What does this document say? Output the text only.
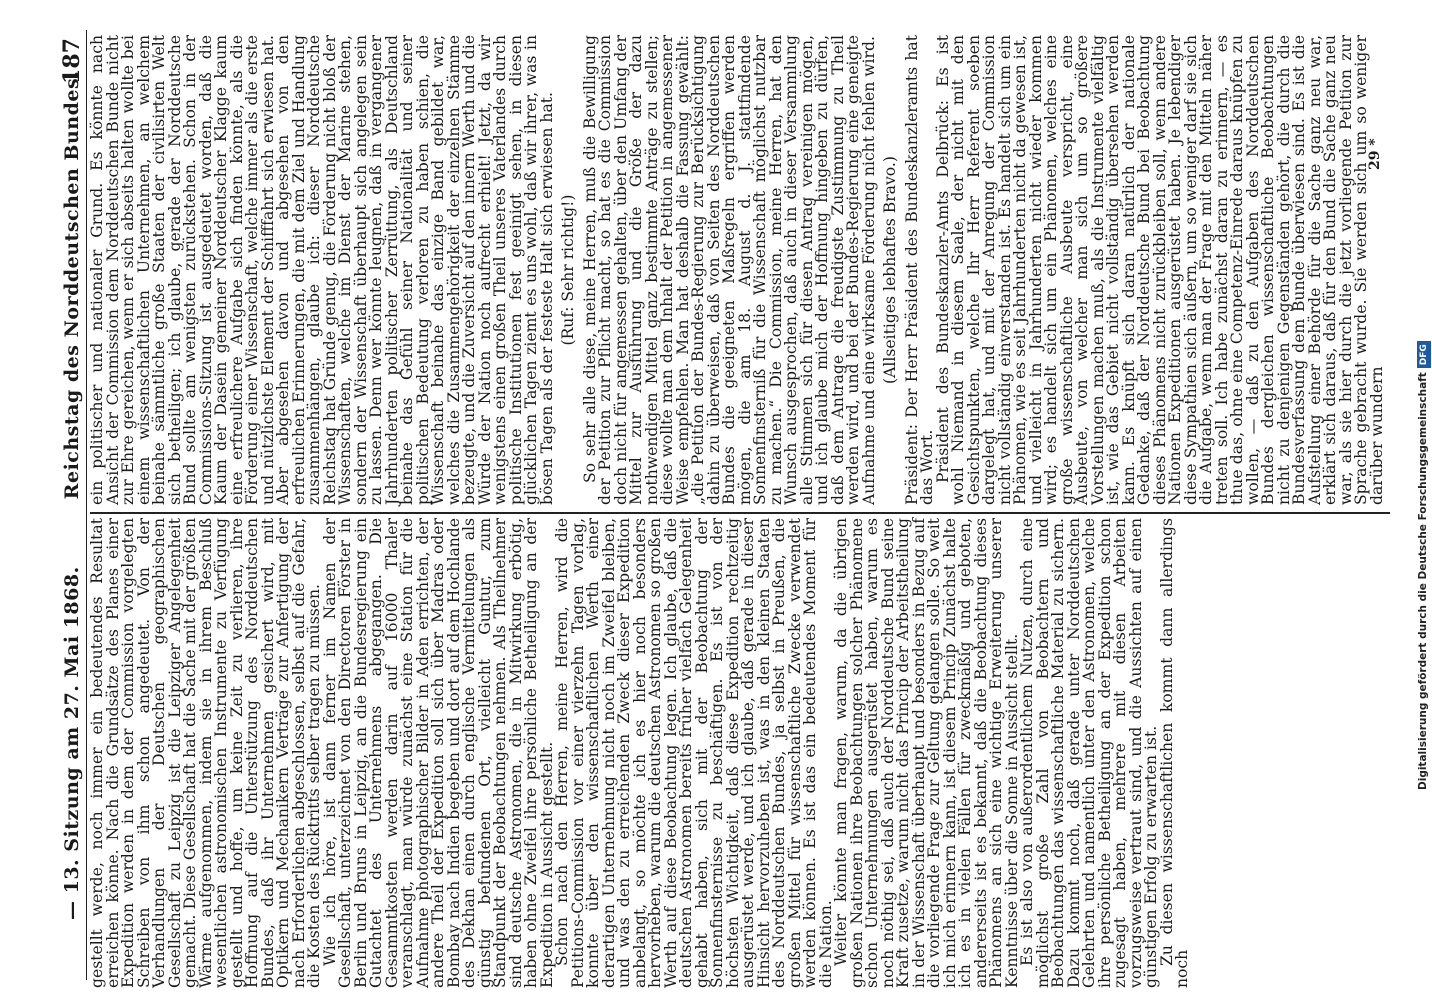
Reichstag des Norddeutschen Bundes.
— 13. Sitzung am 27. Mai 1868.
187

gestellt werde, noch immer ein bedeutendes Resultat erreichen könne. Nach die Grundsätze des Planes einer Expedition werden in dem der Commission vorgelegten Schreiben von ihm schon angedeutet. Von der Verhandlungen der Deutschen geographischen Gesellschaft zu Leipzig ist die Leipziger Angelegenheit gemacht. Diese Gesellschaft hat die Sache mit der größten Wärme aufgenommen, indem sie in ihrem Beschluß wesentlichen astronomischen Instrumente zu Verfügung gestellt und hoffe, um keine Zeit zu verlieren, ihre Hoffnung auf die Unterstützung des Norddeutschen Bundes, daß ihr Unternehmen gesichert wird, mit Optikern und Mechanikern Verträge zur Anfertigung der nach Erforderlichen abgeschlossen, selbst auf die Gefahr, die Kosten des Rücktritts selber tragen zu müssen.

Wie ich höre, ist dann ferner im Namen der Gesellschaft, unterzeichnet von den Directoren Förster in Berlin und Bruns in Leipzig, an die Bundesregierung ein Gutachtet des Unternehmens abgegangen. Die Gesammtkosten werden darin auf 16000 Thaler veranschlagt, man würde zunächst eine Station für die Aufnahme photographischer Bilder in Aden errichten, der andere Theil der Expedition soll sich über Madras oder Bombay nach Indien begeben und dort auf dem Hochlande des Dekhan einen durch englische Vermittelungen als günstig befundenen Ort, vielleicht Guntur, zum Standpunkt der Beobachtungen nehmen. Als Theilnehmer sind deutsche Astronomen, die in Mitwirkung erbötig, haben ohne Zweifel ihre persönliche Betheiligung an der Expedition in Aussicht gestellt.

Schon nach den Herren, meine Herren, wird die Petitions-Commission vor einer vierzehn Tagen vorlag, konnte über den wissenschaftlichen Werth einer derartigen Unternehmung nicht noch im Zweifel bleiben, und was den zu erreichenden Zweck dieser Expedition anbelangt, so möchte ich es hier noch besonders hervorheben, warum die deutschen Astronomen so großen Werth auf diese Beobachtung legen. Ich glaube, daß die deutschen Astronomen bereits früher vielfach Gelegenheit gehabt haben, sich mit der Beobachtung der Sonnenfinsternisse zu beschäftigen. Es ist von der höchsten Wichtigkeit, daß diese Expedition rechtzeitig ausgerüstet werde, und ich glaube, daß gerade in dieser Hinsicht hervorzuheben ist, was in den kleinen Staaten des Norddeutschen Bundes, ja selbst in Preußen, die großen Mittel für wissenschaftliche Zwecke verwendet werden können. Es ist das ein bedeutendes Moment für die Nation.

Weiter könnte man fragen, warum, da die übrigen großen Nationen ihre Beobachtungen solcher Phänomene schon Unternehmungen ausgerüstet haben, warum es noch nöthig sei, daß auch der Norddeutsche Bund seine Kraft zusetze, warum nicht das Princip der Arbeitstheilung in der Wissenschaft überhaupt und besonders in Bezug auf die vorliegende Frage zur Geltung gelangen solle. So weit ich mich erinnern kann, ist diesem Princip Zunächst halte ich es in vielen Fällen für zweckmäßig und geboten, andererseits ist es bekannt, daß die Beobachtung dieses Phänomens an sich eine wichtige Erweiterung unserer Kenntnisse über die Sonne in Aussicht stellt.

Es ist also von außerordentlichem Nutzen, durch eine möglichst große Zahl von Beobachtern und Beobachtungen das wissenschaftliche Material zu sichern. Dazu kommt noch, daß gerade unter Norddeutschen Gelehrten und namentlich unter den Astronomen, welche ihre persönliche Betheiligung an der Expedition schon zugesagt haben, mehrere mit diesen Arbeiten vorzugsweise vertraut sind, und die Aussichten auf einen günstigen Erfolg zu erwarten ist.

Zu diesen wissenschaftlichen kommt dann allerdings noch

ein politischer und nationaler Grund. Es könnte nach Ansicht der Commission dem Norddeutschen Bunde nicht zur Ehre gereichen, wenn er sich abseits halten wollte bei einem wissenschaftlichen Unternehmen, an welchem beinahe sämmtliche große Staaten der civilisirten Welt sich betheiligen; ich glaube, gerade der Norddeutsche Bund sollte am wenigsten zurückstehen. Schon in der Commissions-Sitzung ist ausgedeutet worden, daß die Kaum der Dasein gemeiner Norddeutscher Klagge kaum eine erfreulichere Aufgabe sich finden könnte, als die Förderung einer Wissenschaft, welche immer als die erste und nützlichste Element der Schifffahrt sich erwiesen hat. Aber abgesehen davon und abgesehen von den erfreulichen Erinnerungen, die mit dem Ziel und Handlung zusammenhängen, glaube ich: dieser Norddeutsche Reichstag hat Gründe genug, die Förderung nicht bloß der Wissenschaften, welche im Dienst der Marine stehen, sondern der Wissenschaft überhaupt sich angelegen sein zu lassen. Denn wer könnte leugnen, daß in vergangener Jahrhunderten politischer Zerrüttung, als Deutschland beinahe das Gefühl seiner Nationalität und seiner politischen Bedeutung verloren zu haben schien, die Wissenschaft beinahe das einzige Band gebildet war, welches die Zusammengehörigkeit der einzelnen Stämme bezeugte, und die Zuversicht auf den innern Werth und die Würde der Nation noch aufrecht erhielt! Jetzt, da wir wenigstens einen großen Theil unseres Vaterlandes durch politische Institutionen fest geeinigt sehen, in diesen glücklichen Tagen ziemt es uns wohl, daß wir ihrer, was in bösen Tagen als der festeste Halt sich erwiesen hat. (Ruf: Sehr richtig!) So sehr alle diese, meine Herren, muß die Bewilligung der Petition zur Pflicht macht, so hat es die Commission doch nicht für angemessen gehalten, über den Umfang der Mittel zur Ausführung und die Größe der dazu nothwendigen Mittel ganz bestimmte Anträge zu stellen; diese wollte man dem Inhalt der Petition in angemessener Weise empfehlen. Man hat deshalb die Fassung gewählt: „die Petition der Bundes-Regierung zur Berücksichtigung dahin zu überweisen, daß von Seiten des Norddeutschen Bundes die geeigneten Maßregeln ergriffen werden mögen, die am 18. August d. J. stattfindende Sonnenfinsterniß für die Wissenschaft möglichst nutzbar zu machen.“ Die Commission, meine Herren, hat den Wunsch ausgesprochen, daß auch in dieser Versammlung alle Stimmen sich für diesen Antrag vereinigen mögen, und ich glaube mich der Hoffnung hingeben zu dürfen, daß dem Antrage die freudigste Zustimmung zu Theil werden wird, und bei der Bundes-Regierung eine geneigte Aufnahme und eine wirksame Förderung nicht fehlen wird. (Allseitiges lebhaftes Bravo.) Präsident: Der Herr Präsident des Bundeskanzleramts hat das Wort.

Präsident des Bundeskanzler-Amts Delbrück: Es ist wohl Niemand in diesem Saale, der nicht mit den Gesichtspunkten, welche Ihr Herr Referent soeben dargelegt hat, und mit der Anregung der Commission nicht vollständig einverstanden ist. Es handelt sich um ein Phänomen, wie es seit Jahrhunderten nicht da gewesen ist, und vielleicht in Jahrhunderten nicht wieder kommen wird; es handelt sich um ein Phänomen, welches eine große wissenschaftliche Ausbeute verspricht, eine Ausbeute, von welcher man sich um so größere Vorstellungen machen muß, als die Instrumente vielfältig ist, wie das Gebiet nicht vollständig übersehen werden kann. Es knüpft sich daran natürlich der nationale Gedanke, daß der Norddeutsche Bund bei Beobachtung dieses Phänomens nicht zurückbleiben soll, wenn andere Nationen Expeditionen ausgerüstet haben. Je lebendiger diese Sympathien sich äußern, um so weniger darf sie sich die Aufgabe, wenn man der Frage mit den Mitteln näher treten soll. Ich habe zunächst daran zu erinnern, — es thue das, ohne eine Competenz-Einrede daraus knüpfen zu wollen, — daß zu den Aufgaben des Norddeutschen Bundes dergleichen wissenschaftliche Beobachtungen nicht zu denjenigen Gegenständen gehört, die durch die Bundesverfassung dem Bunde überwiesen sind. Es ist die Aufstellung einer Behörde für die Sache ganz neu war, erklärt sich daraus, daß für den Bund die Sache ganz neu war, als sie hier durch die jetzt vorliegende Petition zur Sprache gebracht wurde. Sie werden sich um so weniger darüber wundern

29 *
Digitalisierung gefördert durch die Deutsche ForschungsgemeinschaftDFG
